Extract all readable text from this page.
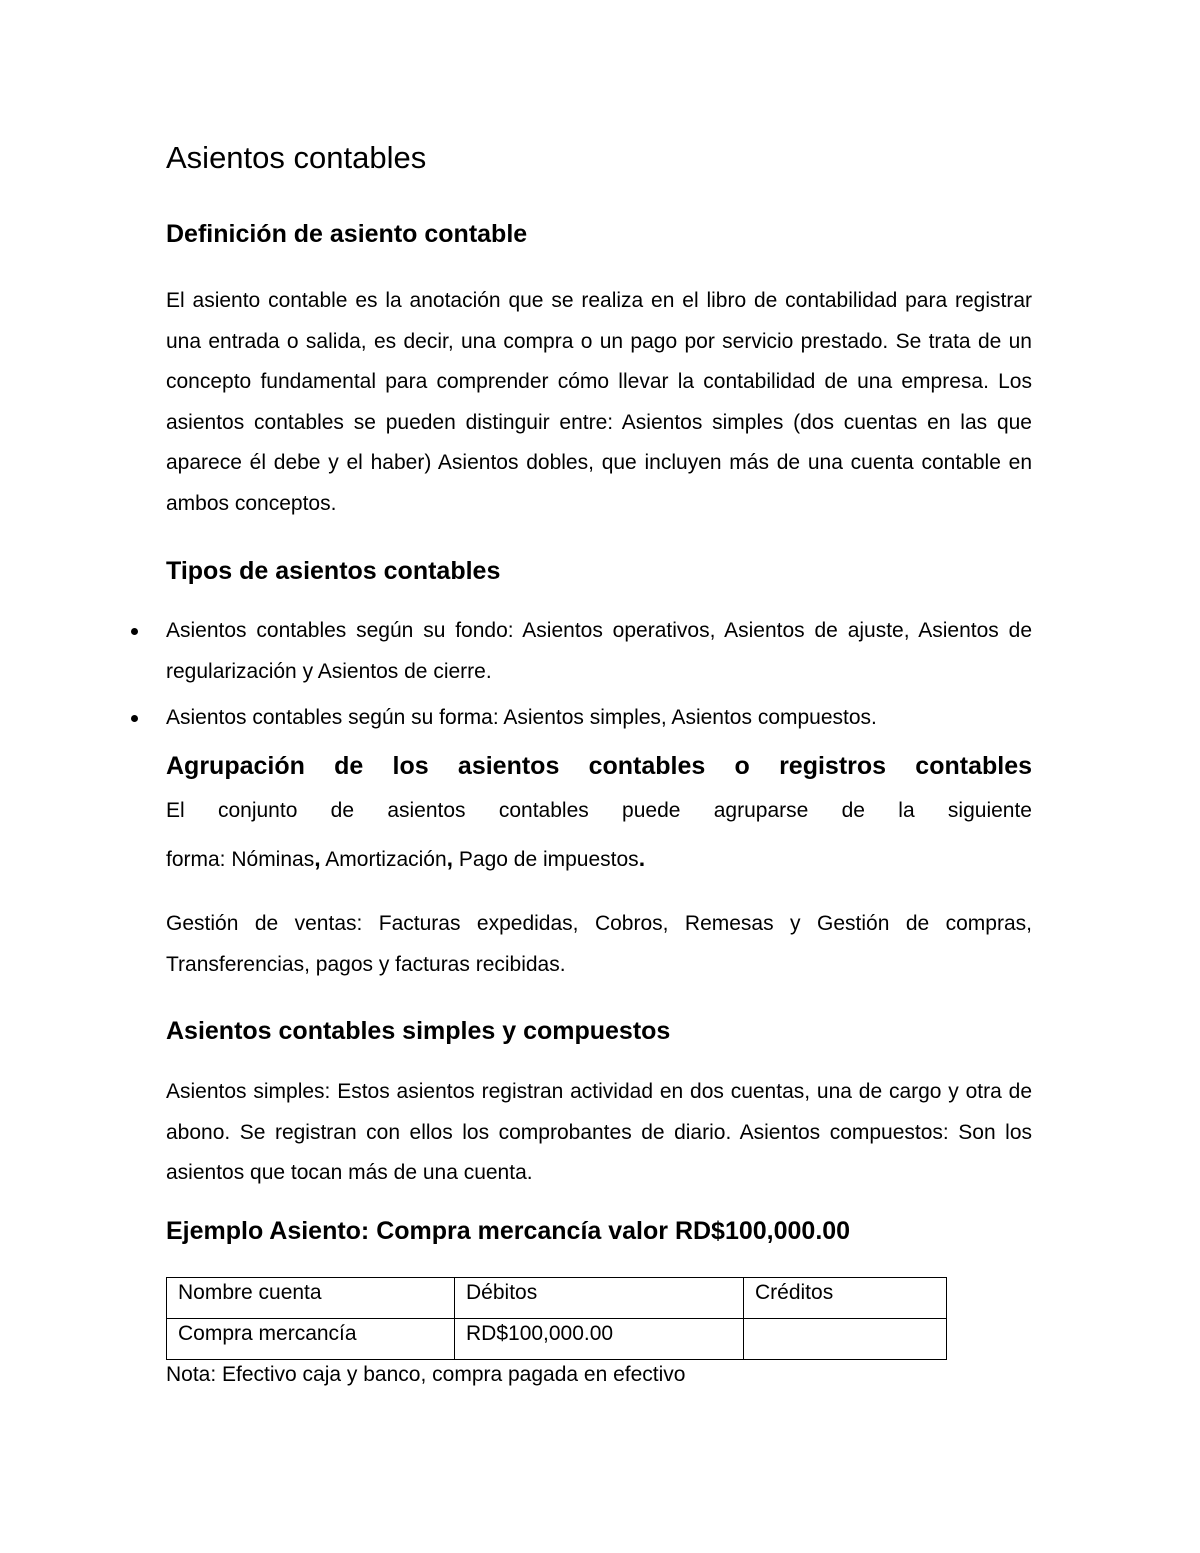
Asientos contables
Definición de asiento contable

El asiento contable es la anotación que se realiza en el libro de contabilidad para registrar una entrada o salida, es decir, una compra o un pago por servicio prestado. Se trata de un concepto fundamental para comprender cómo llevar la contabilidad de una empresa. Los asientos contables se pueden distinguir entre: Asientos simples (dos cuentas en las que aparece él debe y el haber) Asientos dobles, que incluyen más de una cuenta contable en ambos conceptos.

Tipos de asientos contables
Asientos contables según su fondo: Asientos operativos, Asientos de ajuste, Asientos de regularización y Asientos de cierre.
Asientos contables según su forma: Asientos simples, Asientos compuestos.
Agrupación de los asientos contables o registros contables

El conjunto de asientos contables puede agruparse de la siguiente

forma: Nóminas, Amortización, Pago de impuestos.

Gestión de ventas: Facturas expedidas, Cobros, Remesas y Gestión de compras, Transferencias, pagos y facturas recibidas.

Asientos contables simples y compuestos

Asientos simples: Estos asientos registran actividad en dos cuentas, una de cargo y otra de abono. Se registran con ellos los comprobantes de diario. Asientos compuestos: Son los asientos que tocan más de una cuenta.

Ejemplo Asiento: Compra mercancía valor RD$100,000.00
Nombre cuenta	Débitos	Créditos
Compra mercancía	RD$100,000.00	

Nota: Efectivo caja y banco, compra pagada en efectivo
